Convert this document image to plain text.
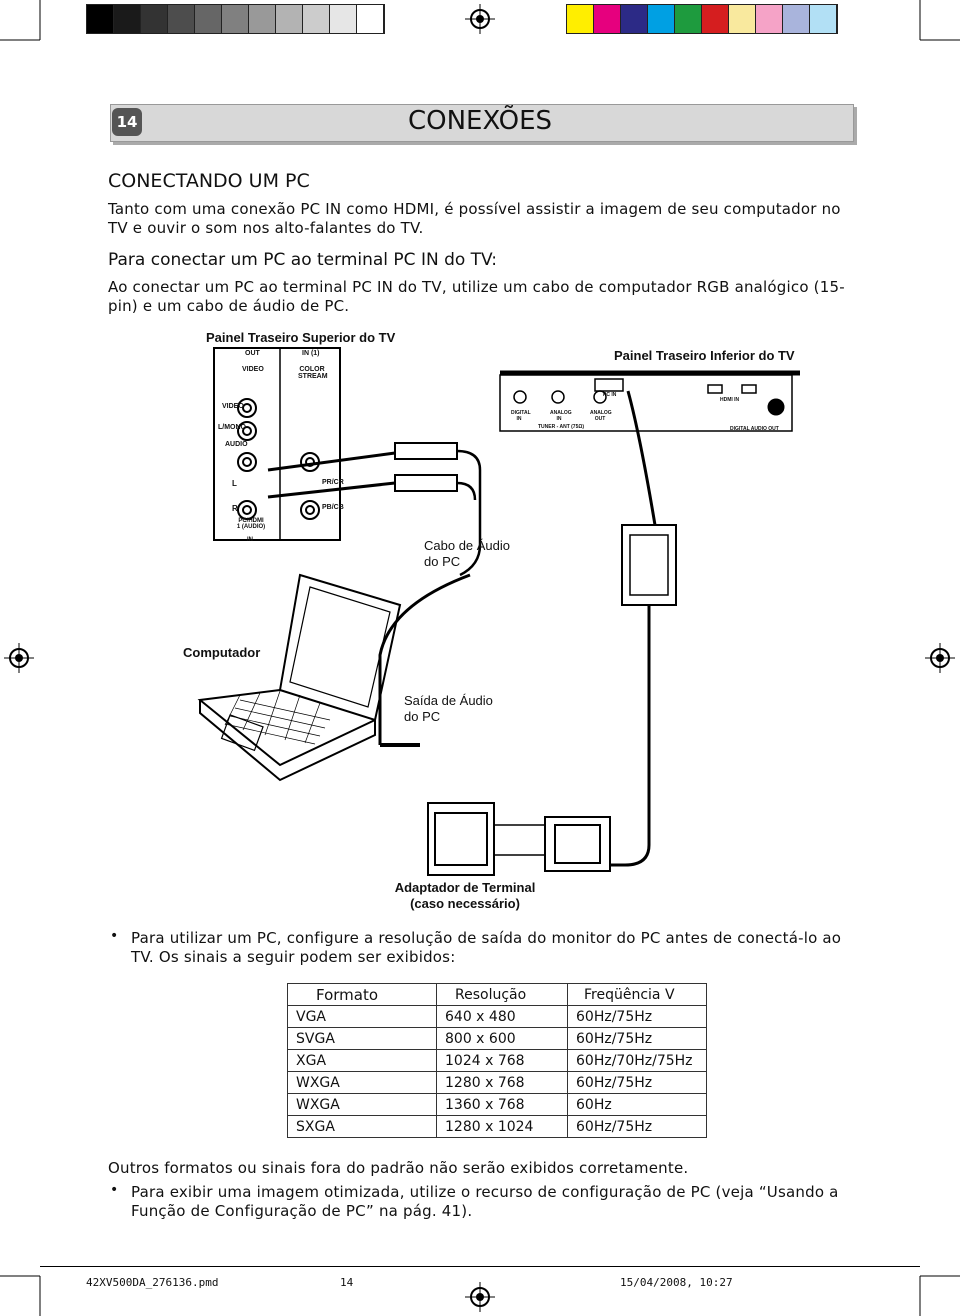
14	CONEXÕES
CONECTANDO UM PC
Tanto com uma conexão PC IN como HDMI, é possível assistir a imagem de seu computador no TV e ouvir o som nos alto-falantes do TV.
Para conectar um PC ao terminal PC IN do TV:
Ao conectar um PC ao terminal PC IN do TV, utilize um cabo de computador RGB analógico (15-pin) e um cabo de áudio de PC.
Painel Traseiro Superior do TV
Painel Traseiro Inferior do TV
OUT	IN (1)
VIDEO	COLOR STREAM
VIDEO
L/MONO
AUDIO
L
R
PC/HDMI 1 (AUDIO)
IN
PR/CR
PB/CB
PC IN
HDMI IN
DIGITAL IN
ANALOG IN
ANALOG OUT
TUNER - ANT (75Ω)	DIGITAL AUDIO OUT
Cabo de Áudio do PC
Computador
Saída de Áudio do PC
Adaptador de Terminal (caso necessário)
• Para utilizar um PC, configure a resolução de saída do monitor do PC antes de conectá-lo ao TV. Os sinais a seguir podem ser exibidos:
Formato	Resolução	Freqüência V
VGA	640 x 480	60Hz/75Hz
SVGA	800 x 600	60Hz/75Hz
XGA	1024 x 768	60Hz/70Hz/75Hz
WXGA	1280 x 768	60Hz/75Hz
WXGA	1360 x 768	60Hz
SXGA	1280 x 1024	60Hz/75Hz
Outros formatos ou sinais fora do padrão não serão exibidos corretamente.
• Para exibir uma imagem otimizada, utilize o recurso de configuração de PC (veja “Usando a Função de Configuração de PC” na pág. 41).
42XV500DA_276136.pmd	14	15/04/2008, 10:27
